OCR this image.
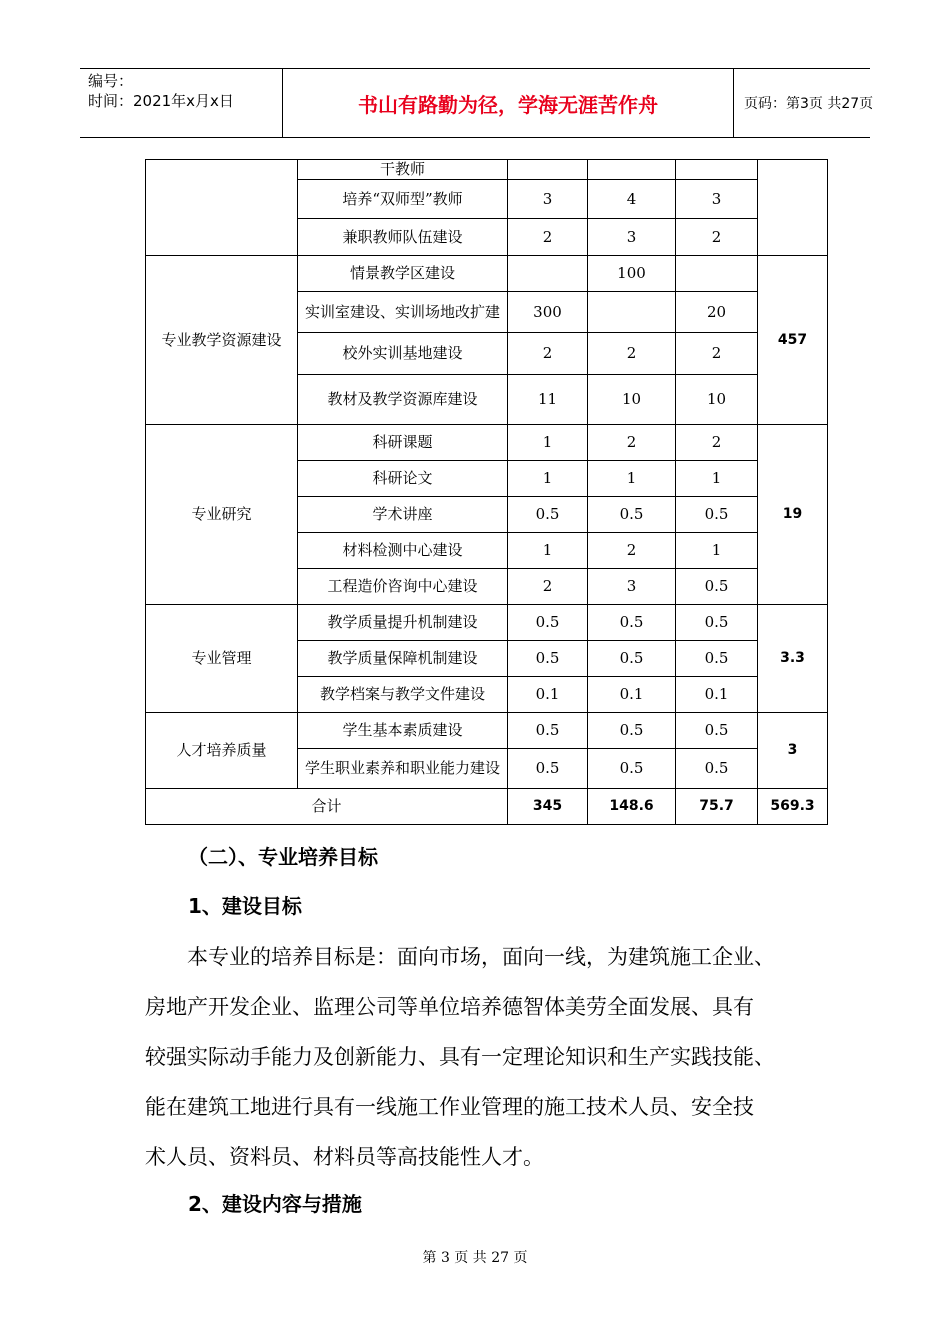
编号：
时间：2021年x月x日	书山有路勤为径，学海无涯苦作舟	页码：第3页 共27页
	干教师				
	培养“双师型”教师	3	4	3	
	兼职教师队伍建设	2	3	2	
专业教学资源建设	情景教学区建设		100		457
	实训室建设、实训场地改扩建	300		20	
	校外实训基地建设	2	2	2	
	教材及教学资源库建设	11	10	10	
专业研究	科研课题	1	2	2	19
	科研论文	1	1	1	
	学术讲座	0.5	0.5	0.5	
	材料检测中心建设	1	2	1	
	工程造价咨询中心建设	2	3	0.5	
专业管理	教学质量提升机制建设	0.5	0.5	0.5	3.3
	教学质量保障机制建设	0.5	0.5	0.5	
	教学档案与教学文件建设	0.1	0.1	0.1	
人才培养质量	学生基本素质建设	0.5	0.5	0.5	3
	学生职业素养和职业能力建设	0.5	0.5	0.5	
合计		345	148.6	75.7	569.3
（二）、专业培养目标
1、建设目标
本专业的培养目标是：面向市场，面向一线，为建筑施工企业、
房地产开发企业、监理公司等单位培养德智体美劳全面发展、具有
较强实际动手能力及创新能力、具有一定理论知识和生产实践技能、
能在建筑工地进行具有一线施工作业管理的施工技术人员、安全技
术人员、资料员、材料员等高技能性人才。
2、建设内容与措施
第 3 页 共 27 页
